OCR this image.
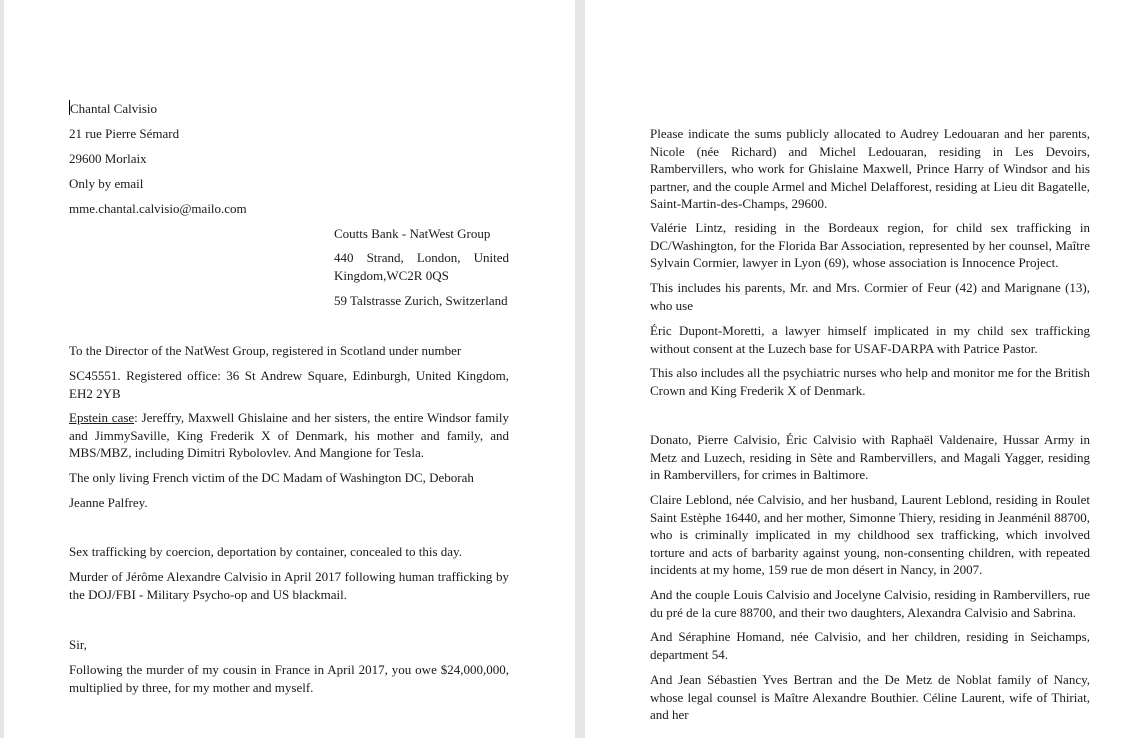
Chantal Calvisio

21 rue Pierre Sémard

29600 Morlaix

Only by email

mme.chantal.calvisio@mailo.com

Coutts Bank - NatWest Group

440 Strand, London, United Kingdom,WC2R 0QS

59 Talstrasse Zurich, Switzerland

To the Director of the NatWest Group, registered in Scotland under number

SC45551. Registered office: 36 St Andrew Square, Edinburgh, United Kingdom, EH2 2YB

Epstein case: Jereffry, Maxwell Ghislaine and her sisters, the entire Windsor family and JimmySaville, King Frederik X of Denmark, his mother and family, and MBS/MBZ, including Dimitri Rybolovlev. And Mangione for Tesla.

The only living French victim of the DC Madam of Washington DC, Deborah

Jeanne Palfrey.

Sex trafficking by coercion, deportation by container, concealed to this day.

Murder of Jérôme Alexandre Calvisio in April 2017 following human trafficking by the DOJ/FBI - Military Psycho-op and US blackmail.

Sir,

Following the murder of my cousin in France in April 2017, you owe $24,000,000, multiplied by three, for my mother and myself.

Please indicate the sums publicly allocated to Audrey Ledouaran and her parents, Nicole (née Richard) and Michel Ledouaran, residing in Les Devoirs, Rambervillers, who work for Ghislaine Maxwell, Prince Harry of Windsor and his partner, and the couple Armel and Michel Delafforest, residing at Lieu dit Bagatelle, Saint-Martin-des-Champs, 29600.

Valérie Lintz, residing in the Bordeaux region, for child sex trafficking in DC/Washington, for the Florida Bar Association, represented by her counsel, Maître Sylvain Cormier, lawyer in Lyon (69), whose association is Innocence Project.

This includes his parents, Mr. and Mrs. Cormier of Feur (42) and Marignane (13), who use

Éric Dupont-Moretti, a lawyer himself implicated in my child sex trafficking without consent at the Luzech base for USAF-DARPA with Patrice Pastor.

This also includes all the psychiatric nurses who help and monitor me for the British Crown and King Frederik X of Denmark.

Donato, Pierre Calvisio, Éric Calvisio with Raphaël Valdenaire, Hussar Army in Metz and Luzech, residing in Sète and Rambervillers, and Magali Yagger, residing in Rambervillers, for crimes in Baltimore.

Claire Leblond, née Calvisio, and her husband, Laurent Leblond, residing in Roulet Saint Estèphe 16440, and her mother, Simonne Thiery, residing in Jeanménil 88700, who is criminally implicated in my childhood sex trafficking, which involved torture and acts of barbarity against young, non-consenting children, with repeated incidents at my home, 159 rue de mon désert in Nancy, in 2007.

And the couple Louis Calvisio and Jocelyne Calvisio, residing in Rambervillers, rue du pré de la cure 88700, and their two daughters, Alexandra Calvisio and Sabrina.

And Séraphine Homand, née Calvisio, and her children, residing in Seichamps, department 54.

And Jean Sébastien Yves Bertran and the De Metz de Noblat family of Nancy, whose legal counsel is Maître Alexandre Bouthier. Céline Laurent, wife of Thiriat, and her
